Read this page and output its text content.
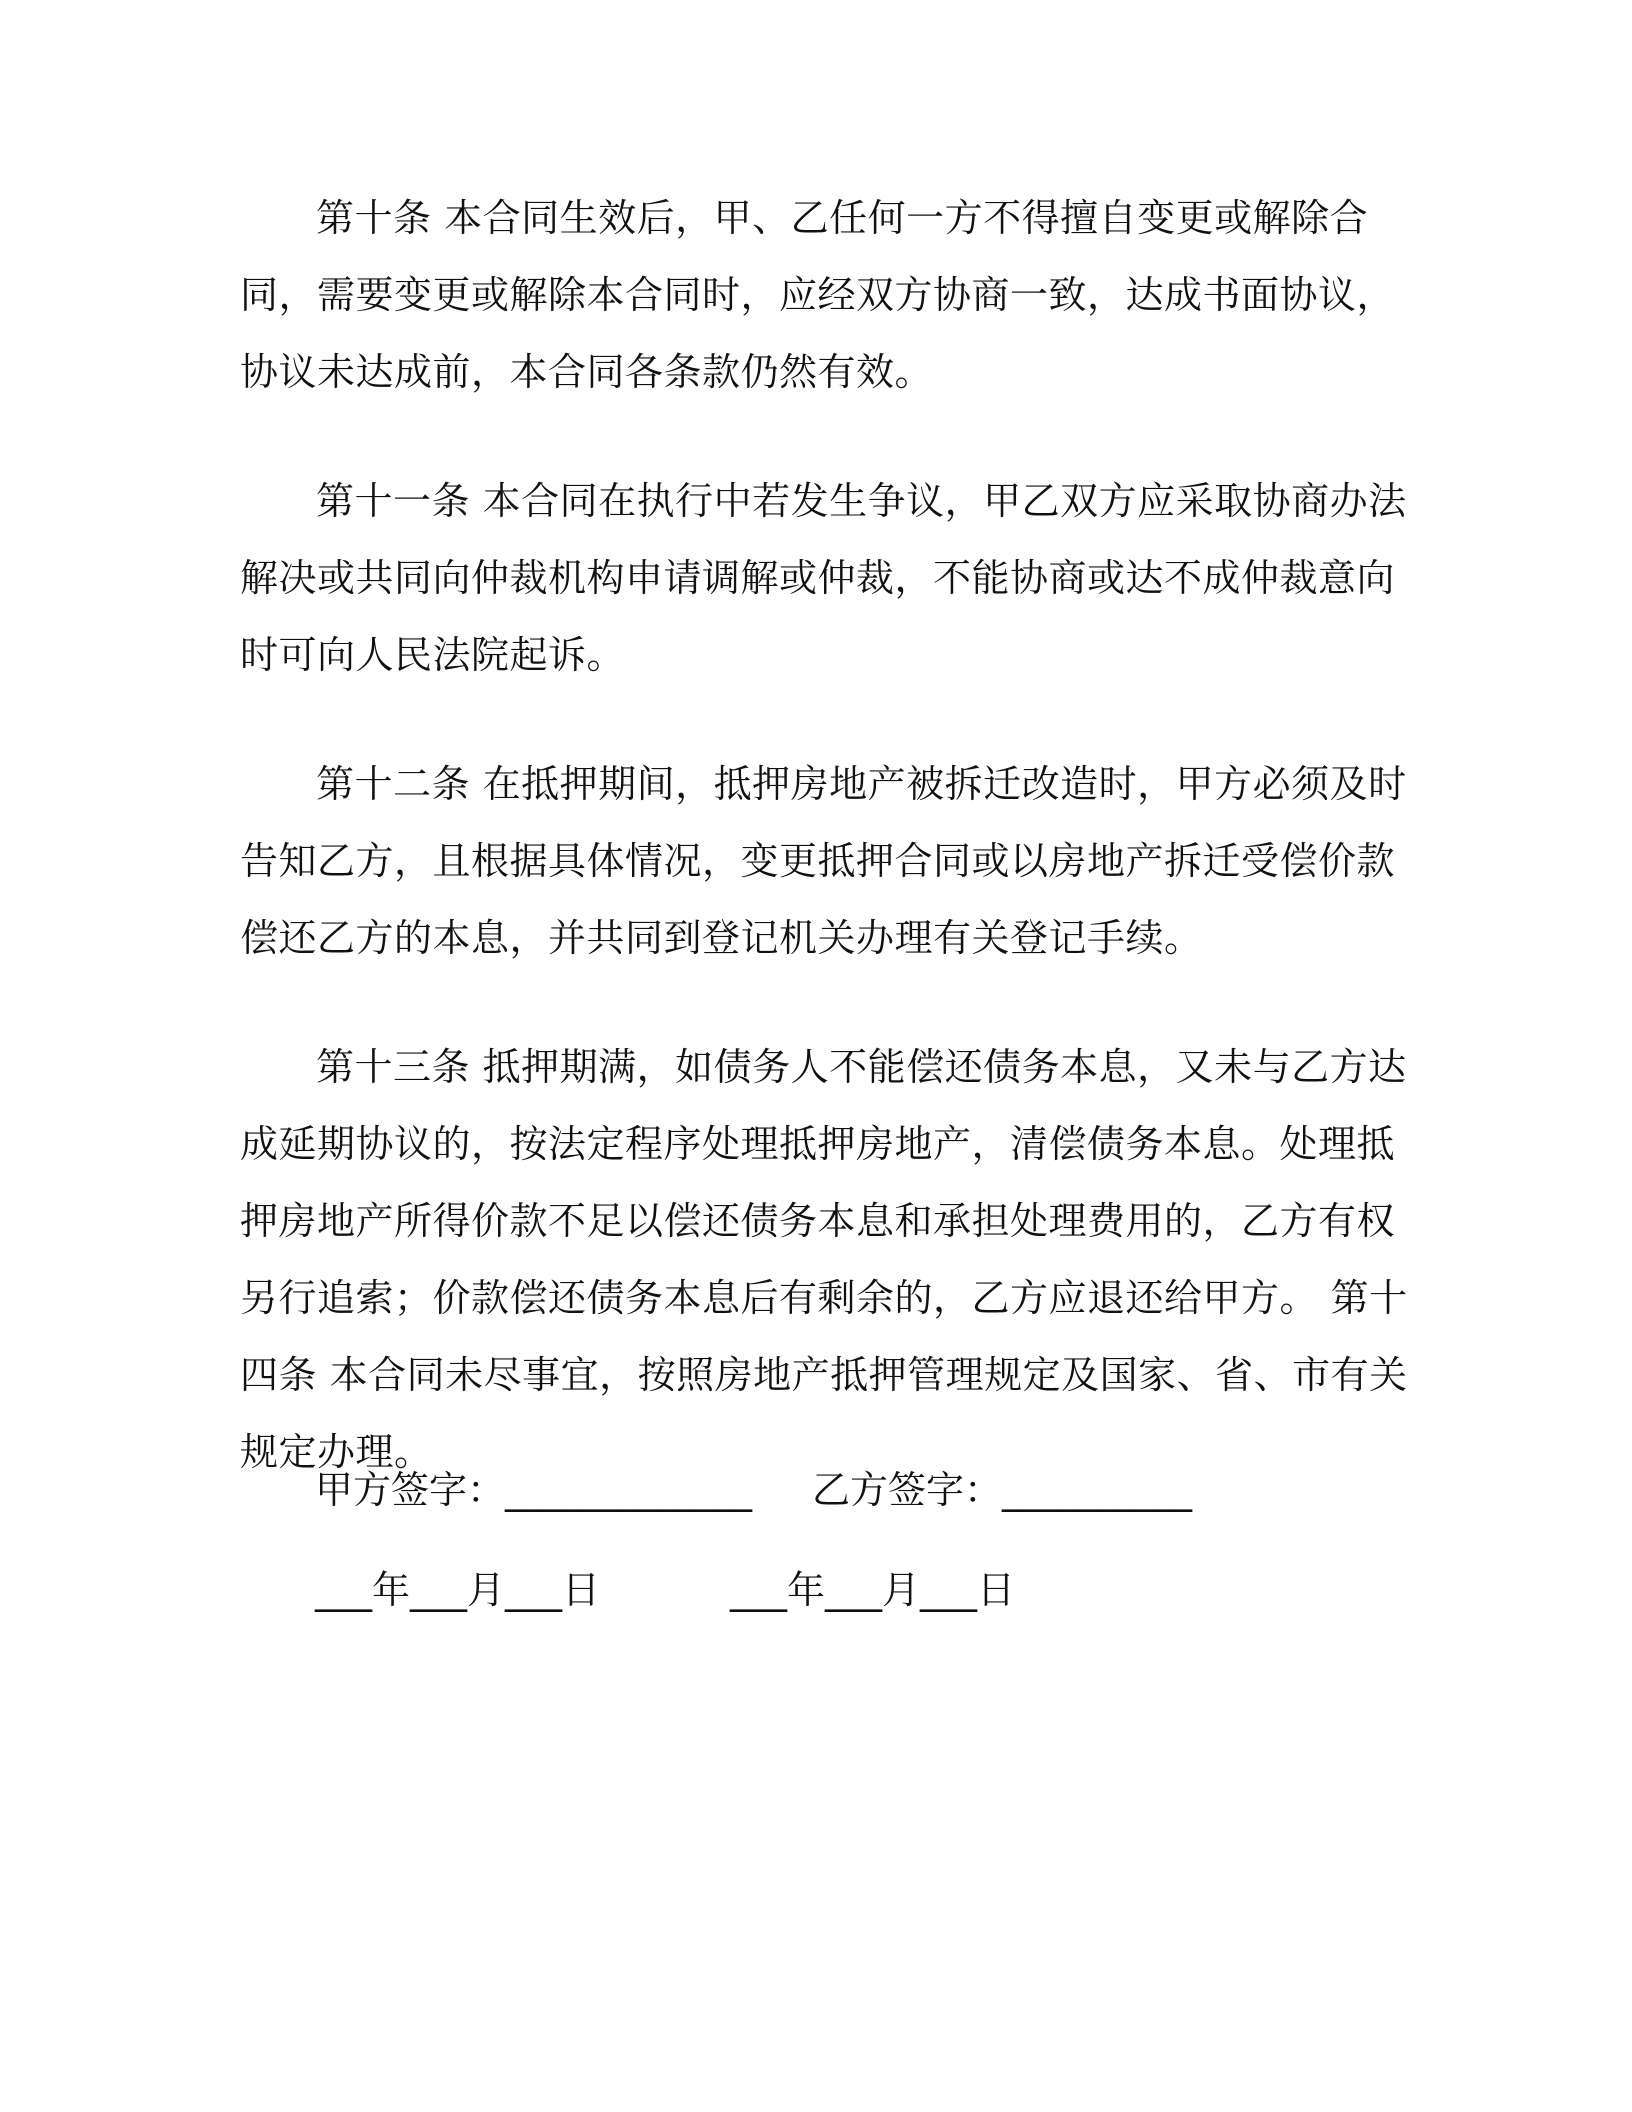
第十条 本合同生效后，甲、乙任何一方不得擅自变更或解除合同，需要变更或解除本合同时，应经双方协商一致，达成书面协议，协议未达成前，本合同各条款仍然有效。

第十一条 本合同在执行中若发生争议，甲乙双方应采取协商办法解决或共同向仲裁机构申请调解或仲裁，不能协商或达不成仲裁意向时可向人民法院起诉。

第十二条 在抵押期间，抵押房地产被拆迁改造时，甲方必须及时告知乙方，且根据具体情况，变更抵押合同或以房地产拆迁受偿价款偿还乙方的本息，并共同到登记机关办理有关登记手续。

第十三条 抵押期满，如债务人不能偿还债务本息，又未与乙方达成延期协议的，按法定程序处理抵押房地产，清偿债务本息。处理抵押房地产所得价款不足以偿还债务本息和承担处理费用的，乙方有权另行追索；价款偿还债务本息后有剩余的，乙方应退还给甲方。 第十四条 本合同未尽事宜，按照房地产抵押管理规定及国家、省、市有关规定办理。

甲方签字：_____________ 乙方签字：__________
___年___月___日	___年___月___日
